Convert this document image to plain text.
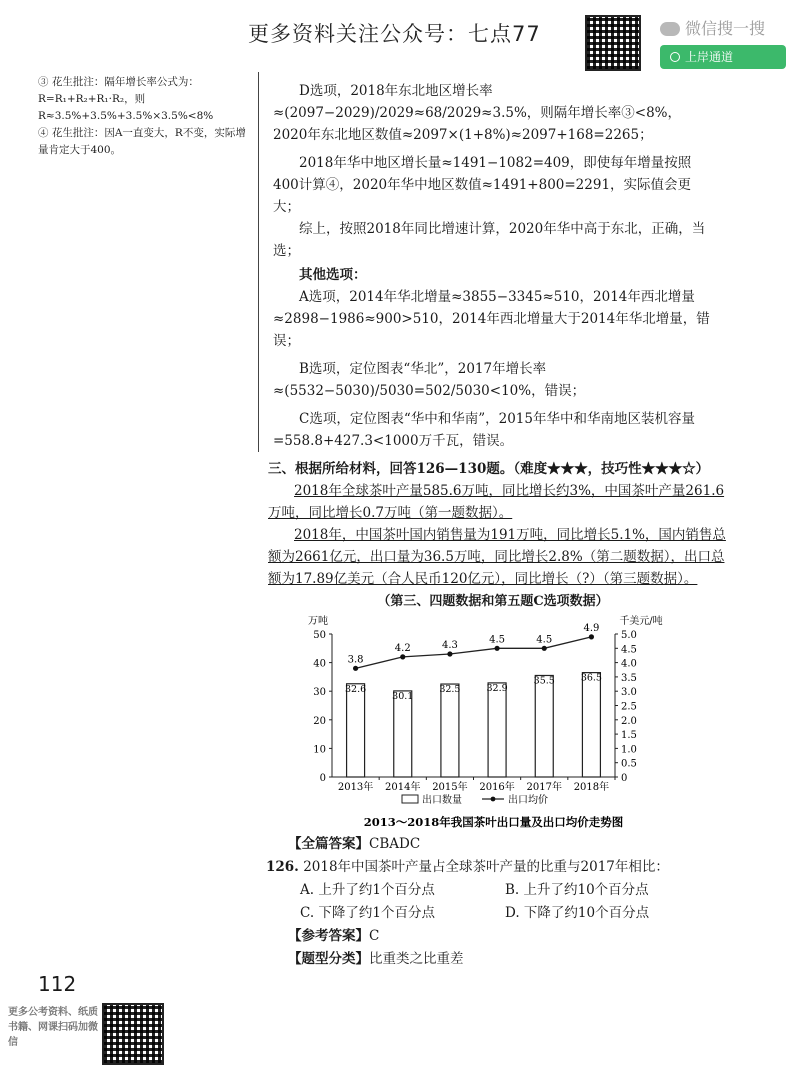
更多资料关注公众号：七点77	微信搜一搜
上岸通道

③ 花生批注：隔年增长率公式为：R=R₁+R₂+R₁·R₂，则 R≈3.5%+3.5%+3.5%×3.5%<8%

④ 花生批注：因A一直变大，R不变，实际增量肯定大于400。

D选项，2018年东北地区增长率≈(2097−2029)/2029≈68/2029≈3.5%，则隔年增长率③<8%，2020年东北地区数值≈2097×(1+8%)≈2097+168=2265；

2018年华中地区增长量≈1491−1082=409，即使每年增量按照400计算④，2020年华中地区数值≈1491+800=2291，实际值会更大；

综上，按照2018年同比增速计算，2020年华中高于东北，正确，当选；

其他选项：

A选项，2014年华北增量≈3855−3345≈510，2014年西北增量≈2898−1986≈900>510，2014年西北增量大于2014年华北增量，错误；

B选项，定位图表“华北”，2017年增长率≈(5532−5030)/5030=502/5030<10%，错误；

C选项，定位图表“华中和华南”，2015年华中和华南地区装机容量=558.8+427.3<1000万千瓦，错误。

三、根据所给材料，回答126—130题。（难度★★★，技巧性★★★☆）

2018年全球茶叶产量585.6万吨，同比增长约3%，中国茶叶产量261.6万吨，同比增长0.7万吨（第一题数据）。

2018年，中国茶叶国内销售量为191万吨，同比增长5.1%，国内销售总额为2661亿元，出口量为36.5万吨，同比增长2.8%（第二题数据），出口总额为17.89亿美元（合人民币120亿元），同比增长（?）（第三题数据）。

（第三、四题数据和第五题C选项数据）
万吨	千美元/吨
0
10
20
30
40
50
0
0.5
1.0
1.5
2.0
2.5
3.0
3.5
4.0
4.5
5.0
2013年
32.6
2014年
30.1
2015年
32.5
2016年
32.9
2017年
35.5
2018年
36.5
3.8
4.2	4.3
4.5	4.5
4.9
出口数量	出口均价
2013～2018年我国茶叶出口量及出口均价走势图

【全篇答案】CBADC

126. 2018年中国茶叶产量占全球茶叶产量的比重与2017年相比：

A. 上升了约1个百分点	B. 上升了约10个百分点

C. 下降了约1个百分点	D. 下降了约10个百分点

【参考答案】C

【题型分类】比重类之比重差

112
更多公考资料、纸质书籍、网课扫码加微信
